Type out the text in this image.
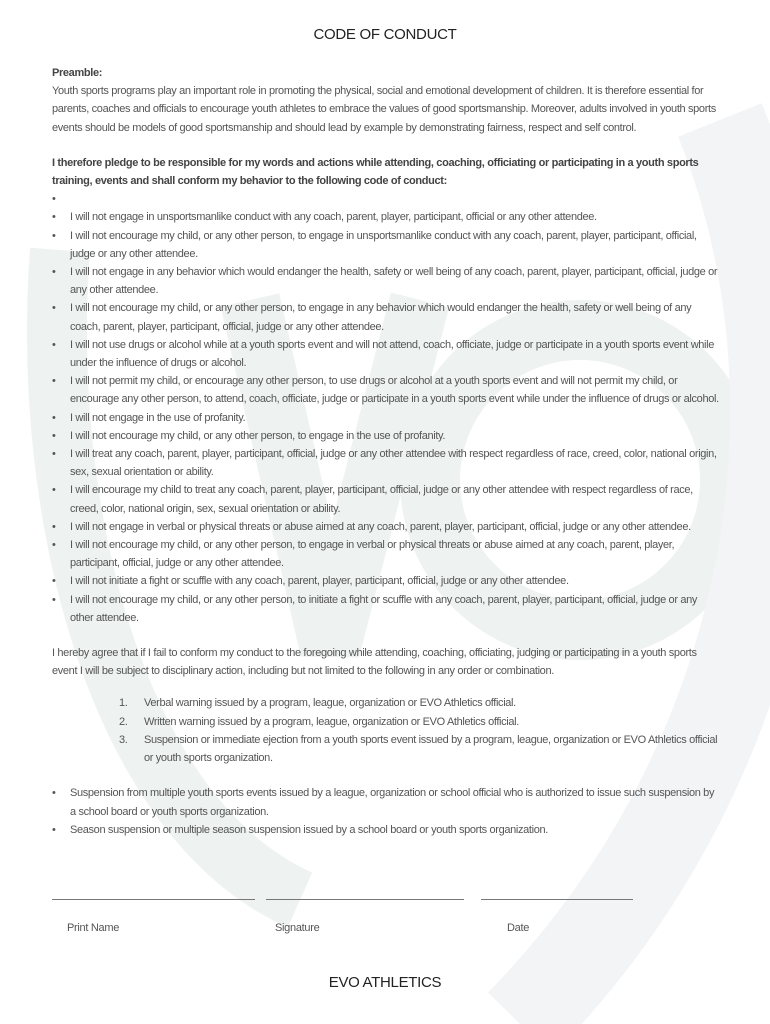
CODE OF CONDUCT
Preamble:
Youth sports programs play an important role in promoting the physical, social and emotional development of children. It is therefore essential for parents, coaches and officials to encourage youth athletes to embrace the values of good sportsmanship. Moreover, adults involved in youth sports events should be models of good sportsmanship and should lead by example by demonstrating fairness, respect and self control.
I therefore pledge to be responsible for my words and actions while attending, coaching, officiating or participating in a youth sports training, events and shall conform my behavior to the following code of conduct:
•
• I will not engage in unsportsmanlike conduct with any coach, parent, player, participant, official or any other attendee.
• I will not encourage my child, or any other person, to engage in unsportsmanlike conduct with any coach, parent, player, participant, official, judge or any other attendee.
• I will not engage in any behavior which would endanger the health, safety or well being of any coach, parent, player, participant, official, judge or any other attendee.
• I will not encourage my child, or any other person, to engage in any behavior which would endanger the health, safety or well being of any coach, parent, player, participant, official, judge or any other attendee.
• I will not use drugs or alcohol while at a youth sports event and will not attend, coach, officiate, judge or participate in a youth sports event while under the influence of drugs or alcohol.
• I will not permit my child, or encourage any other person, to use drugs or alcohol at a youth sports event and will not permit my child, or encourage any other person, to attend, coach, officiate, judge or participate in a youth sports event while under the influence of drugs or alcohol.
• I will not engage in the use of profanity.
• I will not encourage my child, or any other person, to engage in the use of profanity.
• I will treat any coach, parent, player, participant, official, judge or any other attendee with respect regardless of race, creed, color, national origin, sex, sexual orientation or ability.
• I will encourage my child to treat any coach, parent, player, participant, official, judge or any other attendee with respect regardless of race, creed, color, national origin, sex, sexual orientation or ability.
• I will not engage in verbal or physical threats or abuse aimed at any coach, parent, player, participant, official, judge or any other attendee.
• I will not encourage my child, or any other person, to engage in verbal or physical threats or abuse aimed at any coach, parent, player, participant, official, judge or any other attendee.
• I will not initiate a fight or scuffle with any coach, parent, player, participant, official, judge or any other attendee.
• I will not encourage my child, or any other person, to initiate a fight or scuffle with any coach, parent, player, participant, official, judge or any other attendee.
I hereby agree that if I fail to conform my conduct to the foregoing while attending, coaching, officiating, judging or participating in a youth sports event I will be subject to disciplinary action, including but not limited to the following in any order or combination.
1. Verbal warning issued by a program, league, organization or EVO Athletics official.
2. Written warning issued by a program, league, organization or EVO Athletics official.
3. Suspension or immediate ejection from a youth sports event issued by a program, league, organization or EVO Athletics official or youth sports organization.
• Suspension from multiple youth sports events issued by a league, organization or school official who is authorized to issue such suspension by a school board or youth sports organization.
• Season suspension or multiple season suspension issued by a school board or youth sports organization.
Print Name	Signature	Date
EVO ATHLETICS
